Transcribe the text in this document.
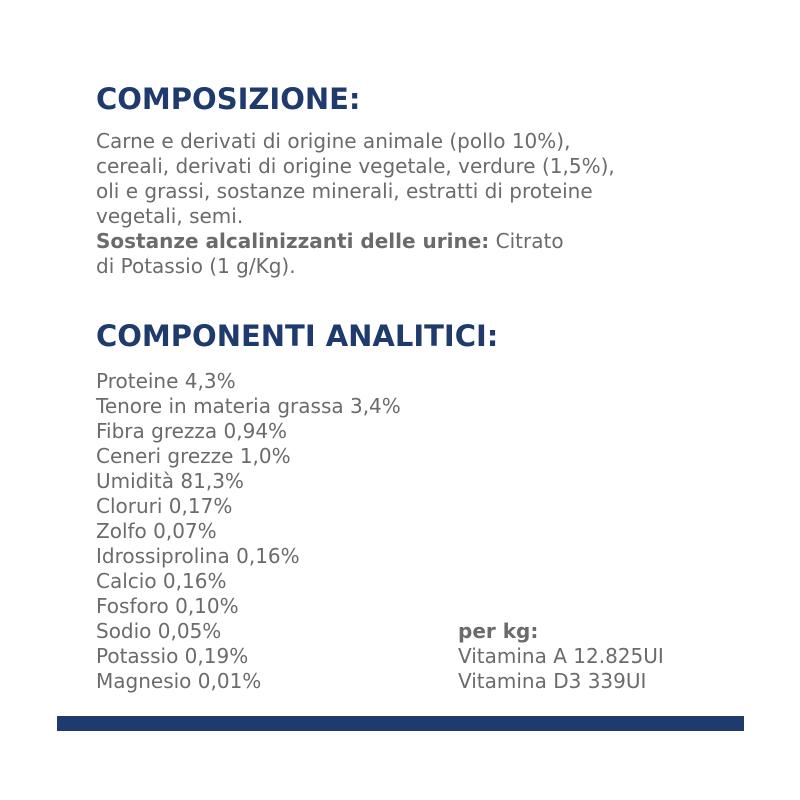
COMPOSIZIONE:

Carne e derivati di origine animale (pollo 10%),
cereali, derivati di origine vegetale, verdure (1,5%),
oli e grassi, sostanze minerali, estratti di proteine
vegetali, semi.
Sostanze alcalinizzanti delle urine: Citrato
di Potassio (1 g/Kg).

COMPONENTI ANALITICI:
Proteine 4,3%
Tenore in materia grassa 3,4%
Fibra grezza 0,94%
Ceneri grezze 1,0%
Umidità 81,3%
Cloruri 0,17%
Zolfo 0,07%
Idrossiprolina 0,16%
Calcio 0,16%
Fosforo 0,10%
Sodio 0,05%
Potassio 0,19%
Magnesio 0,01%
per kg:
Vitamina A 12.825UI
Vitamina D3 339UI
